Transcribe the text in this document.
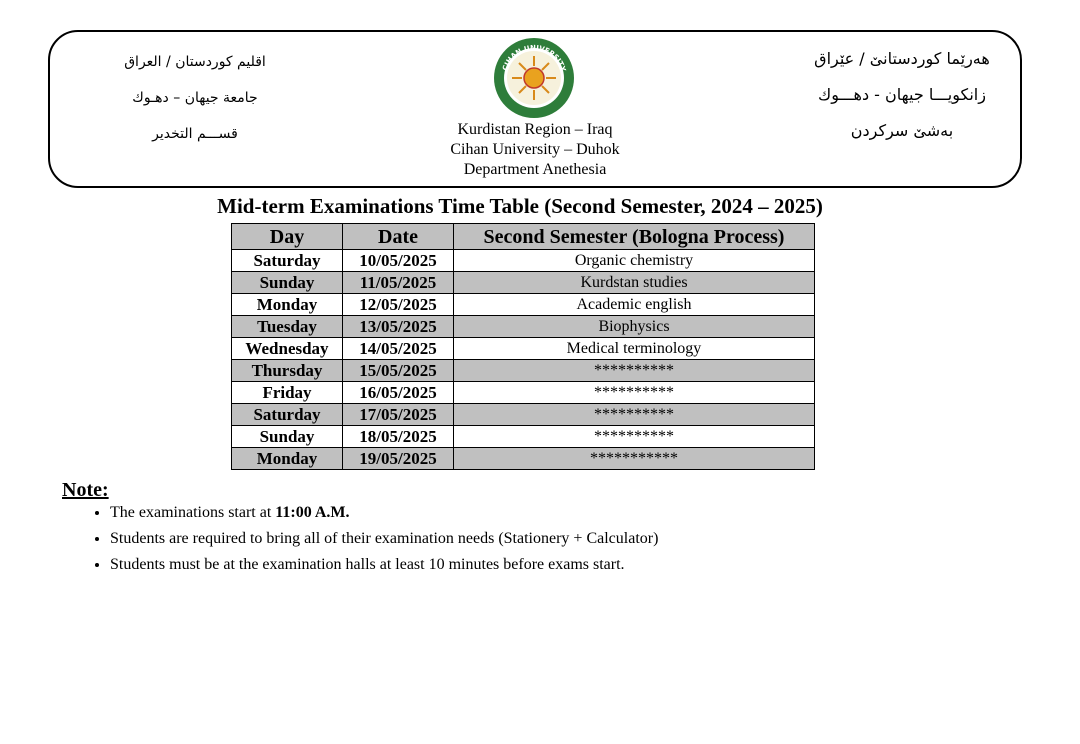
اقليم كوردستان / العراق
جامعة جيهان – دهـوك
قســـم التخدير
CIHAN UNIVERSITY
Kurdistan Region – Iraq
Cihan University – Duhok
Department Anethesia
هەرێما کوردستانێ / عێراق
زانکویـــا جیهان - دهـــوك
بەشێ سرکردن
Mid-term Examinations Time Table (Second Semester, 2024 – 2025)
Day	Date	Second Semester (Bologna Process)
Saturday	10/05/2025	Organic chemistry
Sunday	11/05/2025	Kurdstan studies
Monday	12/05/2025	Academic english
Tuesday	13/05/2025	Biophysics
Wednesday	14/05/2025	Medical terminology
Thursday	15/05/2025	**********
Friday	16/05/2025	**********
Saturday	17/05/2025	**********
Sunday	18/05/2025	**********
Monday	19/05/2025	***********
Note:
• The examinations start at 11:00 A.M.
• Students are required to bring all of their examination needs (Stationery + Calculator)
• Students must be at the examination halls at least 10 minutes before exams start.
